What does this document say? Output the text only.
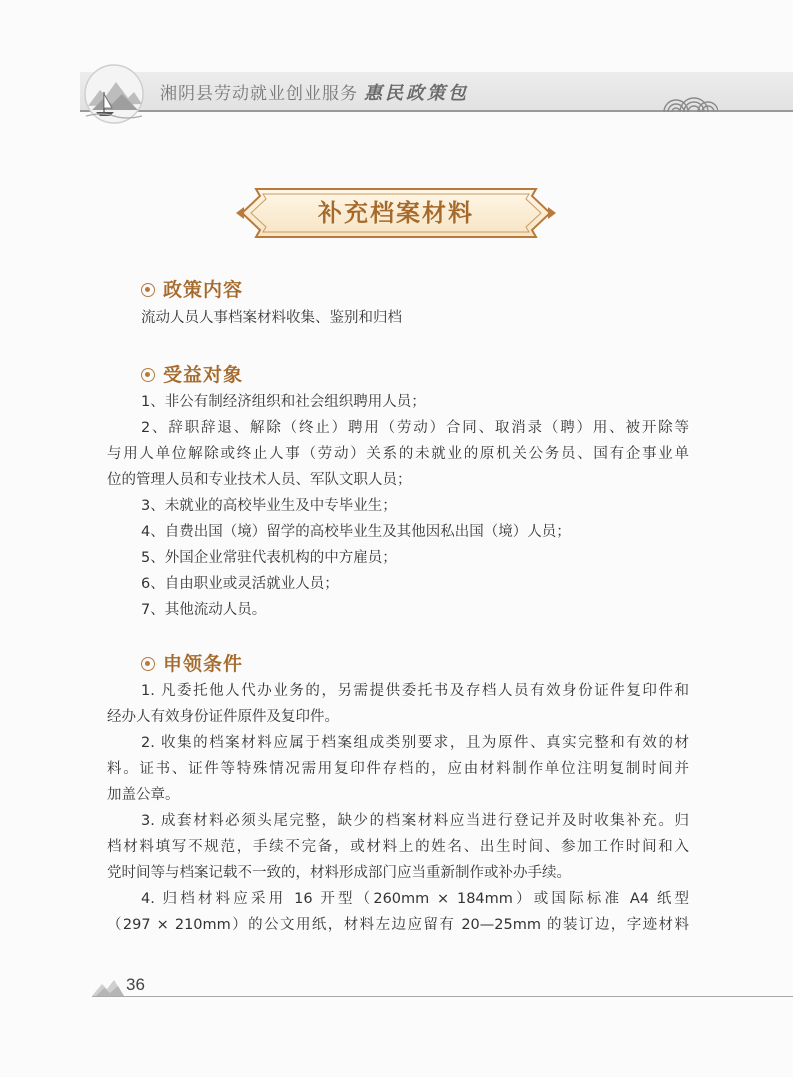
湘阴县劳动就业创业服务 惠民政策包
补充档案材料
政策内容
流动人员人事档案材料收集、鉴别和归档
受益对象
1、非公有制经济组织和社会组织聘用人员；
2、辞职辞退、解除（终止）聘用（劳动）合同、取消录（聘）用、被开除等
与用人单位解除或终止人事（劳动）关系的未就业的原机关公务员、国有企事业单
位的管理人员和专业技术人员、军队文职人员；
3、未就业的高校毕业生及中专毕业生；
4、自费出国（境）留学的高校毕业生及其他因私出国（境）人员；
5、外国企业常驻代表机构的中方雇员；
6、自由职业或灵活就业人员；
7、其他流动人员。
申领条件
1. 凡委托他人代办业务的，另需提供委托书及存档人员有效身份证件复印件和
经办人有效身份证件原件及复印件。
2. 收集的档案材料应属于档案组成类别要求，且为原件、真实完整和有效的材
料。证书、证件等特殊情况需用复印件存档的，应由材料制作单位注明复制时间并
加盖公章。
3. 成套材料必须头尾完整，缺少的档案材料应当进行登记并及时收集补充。归
档材料填写不规范，手续不完备，或材料上的姓名、出生时间、参加工作时间和入
党时间等与档案记载不一致的，材料形成部门应当重新制作或补办手续。
4. 归档材料应采用 16 开型（260mm × 184mm）或国际标准 A4 纸型
（297 × 210mm）的公文用纸，材料左边应留有 20—25mm 的装订边，字迹材料
36
